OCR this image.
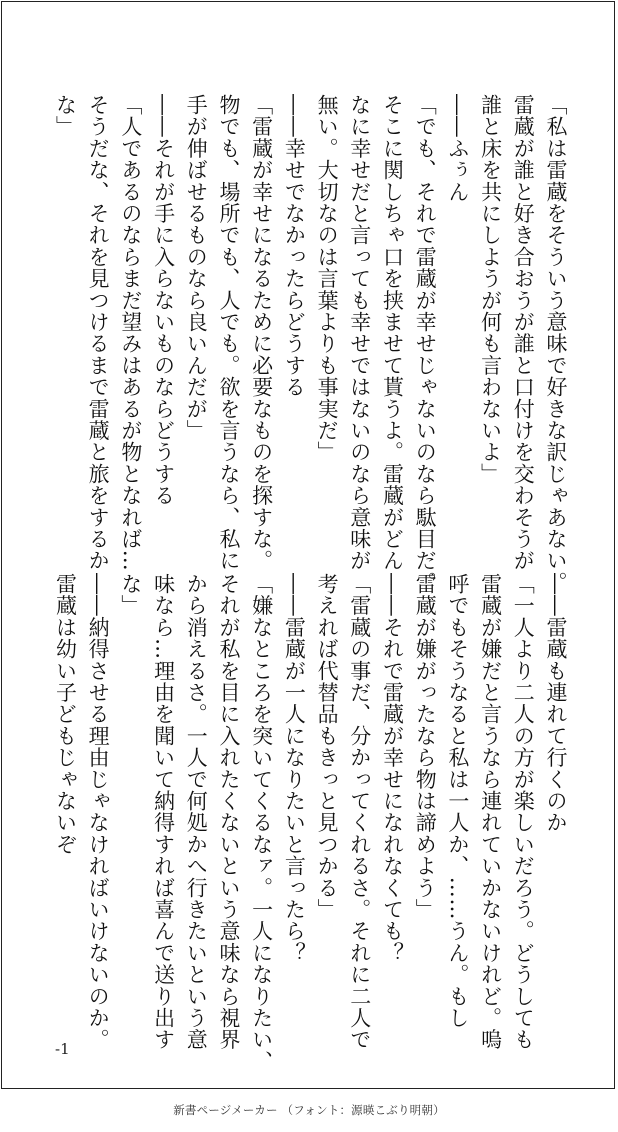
「私は雷蔵をそういう意味で好きな訳じゃあない。
雷蔵が誰と好き合おうが誰と口付けを交わそうが
誰と床を共にしようが何も言わないよ」
――ふぅん
「でも、それで雷蔵が幸せじゃないのなら駄目だ。
そこに関しちゃ口を挟ませて貰うよ。雷蔵がどん
なに幸せだと言っても幸せではないのなら意味が
無い。大切なのは言葉よりも事実だ」
――幸せでなかったらどうする
「雷蔵が幸せになるために必要なものを探すな。
物でも、場所でも、人でも。欲を言うなら、私に
手が伸ばせるものなら良いんだが」
――それが手に入らないものならどうする
「人であるのならまだ望みはあるが物となれば…
そうだな、それを見つけるまで雷蔵と旅をするか
な」
――雷蔵も連れて行くのか
「一人より二人の方が楽しいだろう。どうしても
雷蔵が嫌だと言うなら連れていかないけれど。嗚
呼でもそうなると私は一人か、……うん。もし
雷蔵が嫌がったなら物は諦めよう」
――それで雷蔵が幸せになれなくても？
「雷蔵の事だ、分かってくれるさ。それに二人で
考えれば代替品もきっと見つかる」
――雷蔵が一人になりたいと言ったら？
「嫌なところを突いてくるなァ。一人になりたい、
それが私を目に入れたくないという意味なら視界
から消えるさ。一人で何処かへ行きたいという意
味なら…理由を聞いて納得すれば喜んで送り出す
な」
――納得させる理由じゃなければいけないのか。
雷蔵は幼い子どもじゃないぞ
-1
新書ページメーカー （フォント：源暎こぶり明朝）
